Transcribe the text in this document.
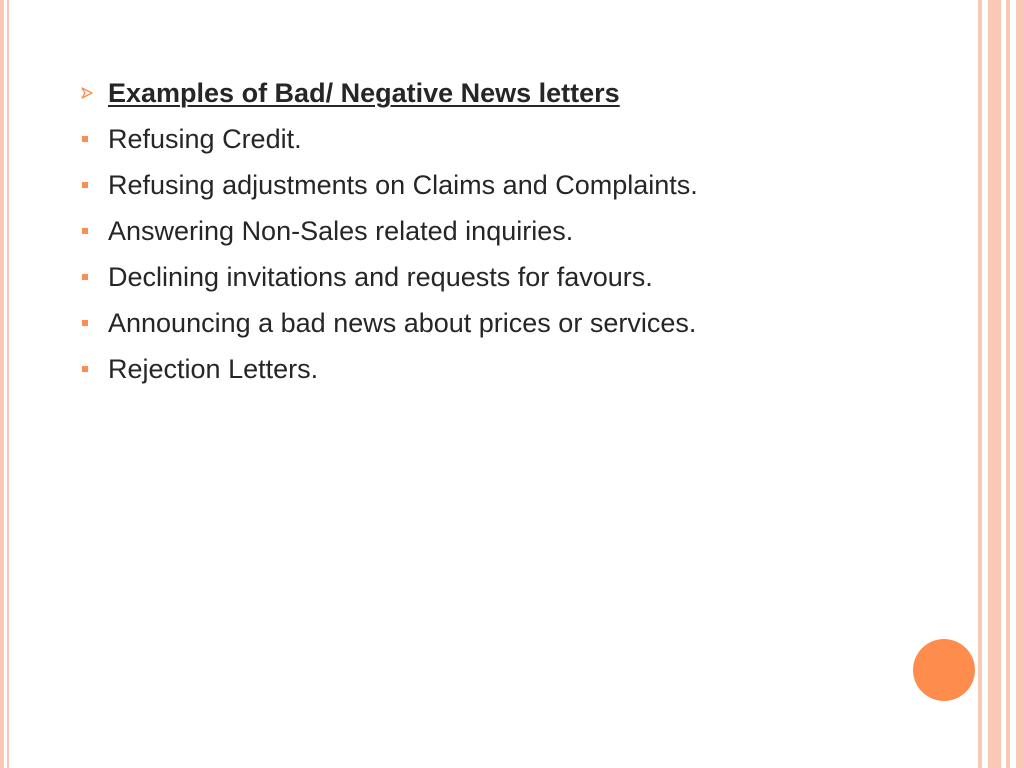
Examples of Bad/ Negative News letters
Refusing Credit.
Refusing adjustments on Claims and Complaints.
Answering Non-Sales related inquiries.
Declining invitations and requests for favours.
Announcing a bad news about prices or services.
Rejection Letters.
